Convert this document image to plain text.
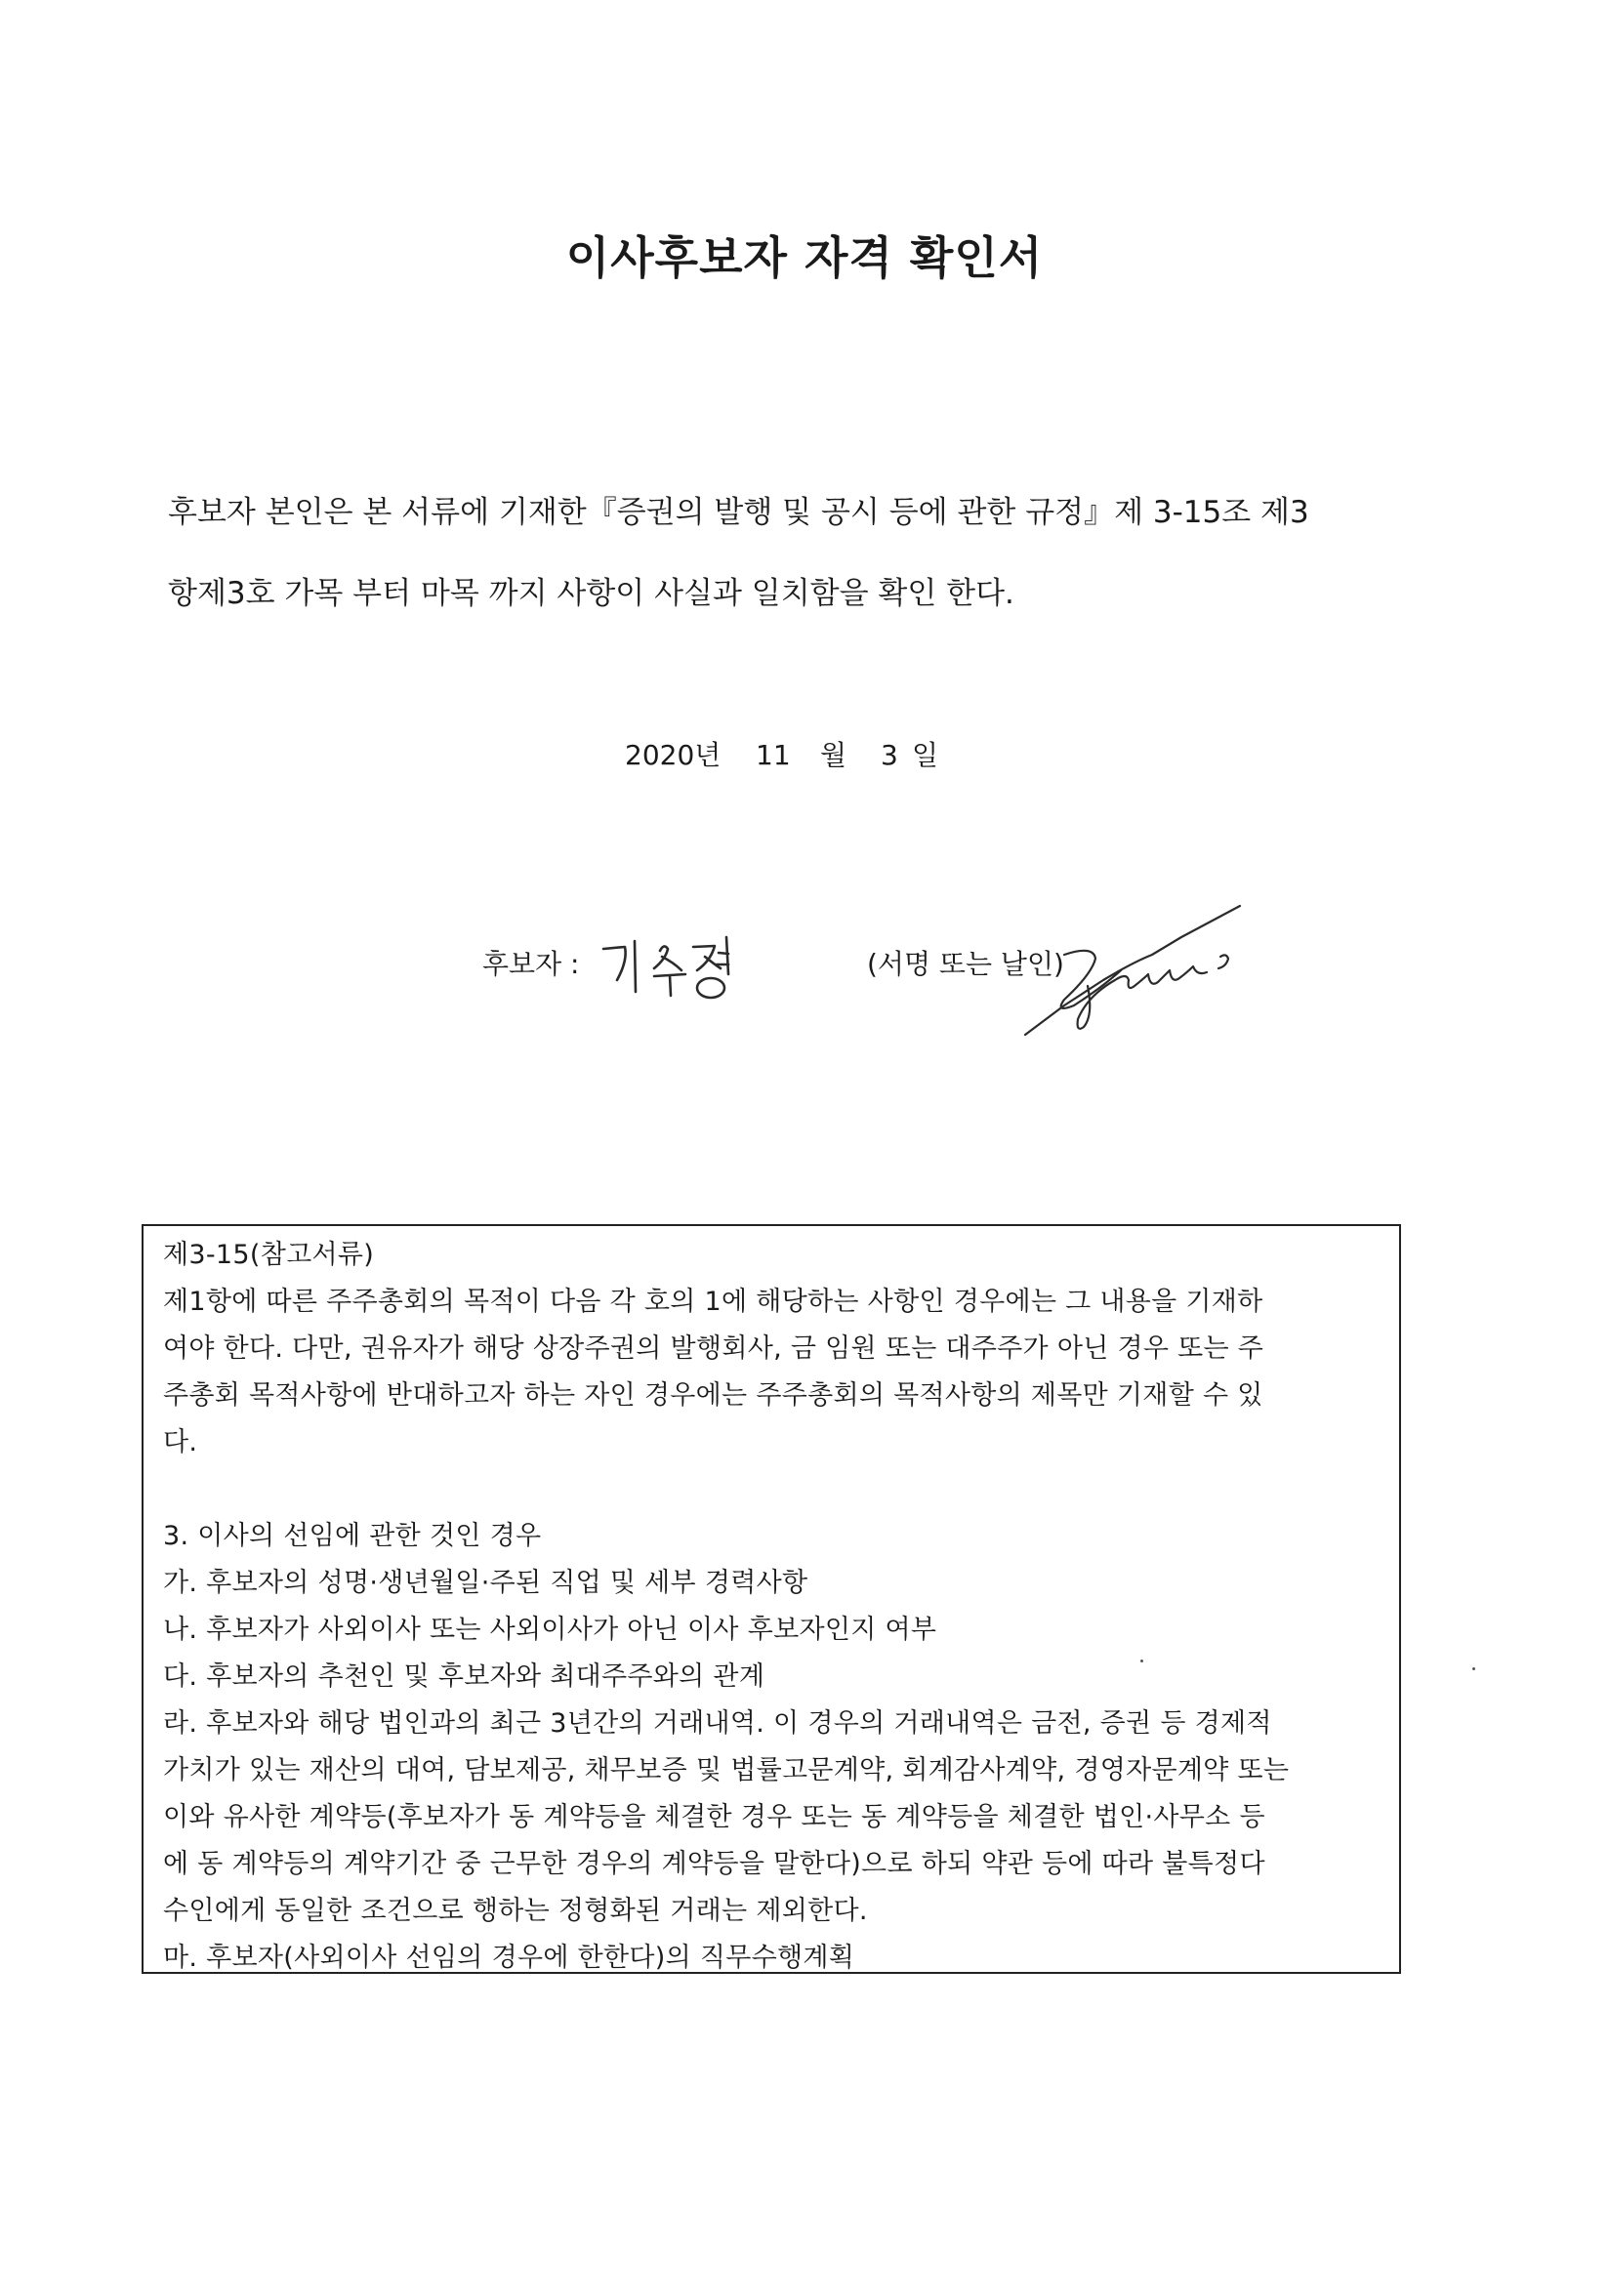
이사후보자 자격 확인서

후보자 본인은 본 서류에 기재한『증권의 발행 및 공시 등에 관한 규정』제 3-15조 제3

항제3호 가목 부터 마목 까지 사항이 사실과 일치함을 확인 한다.

2020년 11 월 3 일
후보자 :	(서명 또는 날인)

제3-15(참고서류)

제1항에 따른 주주총회의 목적이 다음 각 호의 1에 해당하는 사항인 경우에는 그 내용을 기재하

여야 한다. 다만, 권유자가 해당 상장주권의 발행회사, 금 임원 또는 대주주가 아닌 경우 또는 주

주총회 목적사항에 반대하고자 하는 자인 경우에는 주주총회의 목적사항의 제목만 기재할 수 있

다.

3. 이사의 선임에 관한 것인 경우

가. 후보자의 성명·생년월일·주된 직업 및 세부 경력사항

나. 후보자가 사외이사 또는 사외이사가 아닌 이사 후보자인지 여부

다. 후보자의 추천인 및 후보자와 최대주주와의 관계

라. 후보자와 해당 법인과의 최근 3년간의 거래내역. 이 경우의 거래내역은 금전, 증권 등 경제적

가치가 있는 재산의 대여, 담보제공, 채무보증 및 법률고문계약, 회계감사계약, 경영자문계약 또는

이와 유사한 계약등(후보자가 동 계약등을 체결한 경우 또는 동 계약등을 체결한 법인·사무소 등

에 동 계약등의 계약기간 중 근무한 경우의 계약등을 말한다)으로 하되 약관 등에 따라 불특정다

수인에게 동일한 조건으로 행하는 정형화된 거래는 제외한다.

마. 후보자(사외이사 선임의 경우에 한한다)의 직무수행계획
